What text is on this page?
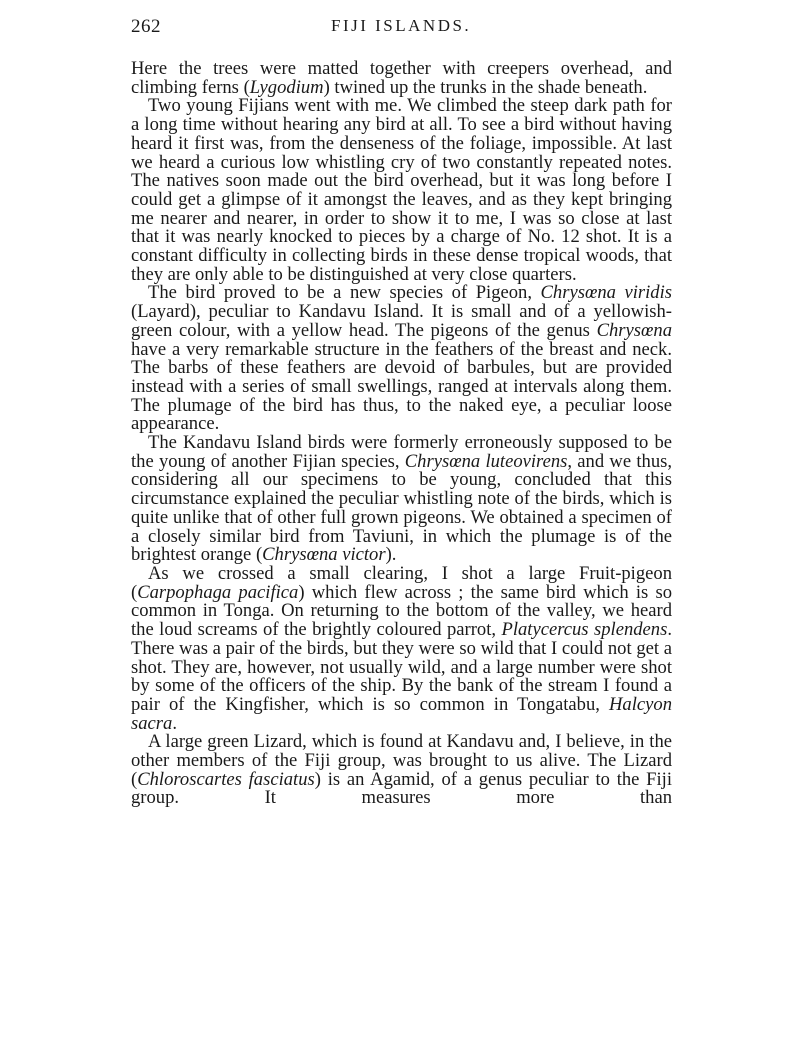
262	FIJI ISLANDS.

Here the trees were matted together with creepers overhead, and climbing ferns (Lygodium) twined up the trunks in the shade beneath.

Two young Fijians went with me. We climbed the steep dark path for a long time without hearing any bird at all. To see a bird without having heard it first was, from the denseness of the foliage, impossible. At last we heard a curious low whistling cry of two constantly repeated notes. The natives soon made out the bird overhead, but it was long before I could get a glimpse of it amongst the leaves, and as they kept bringing me nearer and nearer, in order to show it to me, I was so close at last that it was nearly knocked to pieces by a charge of No. 12 shot. It is a constant difficulty in collecting birds in these dense tropical woods, that they are only able to be distinguished at very close quarters.

The bird proved to be a new species of Pigeon, Chrysœna viridis (Layard), peculiar to Kandavu Island. It is small and of a yellowish-green colour, with a yellow head. The pigeons of the genus Chrysœna have a very remarkable structure in the feathers of the breast and neck. The barbs of these feathers are devoid of barbules, but are provided instead with a series of small swellings, ranged at intervals along them. The plumage of the bird has thus, to the naked eye, a peculiar loose appearance.

The Kandavu Island birds were formerly erroneously supposed to be the young of another Fijian species, Chrysœna luteovirens, and we thus, considering all our specimens to be young, concluded that this circumstance explained the peculiar whistling note of the birds, which is quite unlike that of other full grown pigeons. We obtained a specimen of a closely similar bird from Taviuni, in which the plumage is of the brightest orange (Chrysœna victor).

As we crossed a small clearing, I shot a large Fruit-pigeon (Carpophaga pacifica) which flew across ; the same bird which is so common in Tonga. On returning to the bottom of the valley, we heard the loud screams of the brightly coloured parrot, Platycercus splendens. There was a pair of the birds, but they were so wild that I could not get a shot. They are, however, not usually wild, and a large number were shot by some of the officers of the ship. By the bank of the stream I found a pair of the Kingfisher, which is so common in Tongatabu, Halcyon sacra.

A large green Lizard, which is found at Kandavu and, I believe, in the other members of the Fiji group, was brought to us alive. The Lizard (Chloroscartes fasciatus) is an Agamid, of a genus peculiar to the Fiji group. It measures more than
